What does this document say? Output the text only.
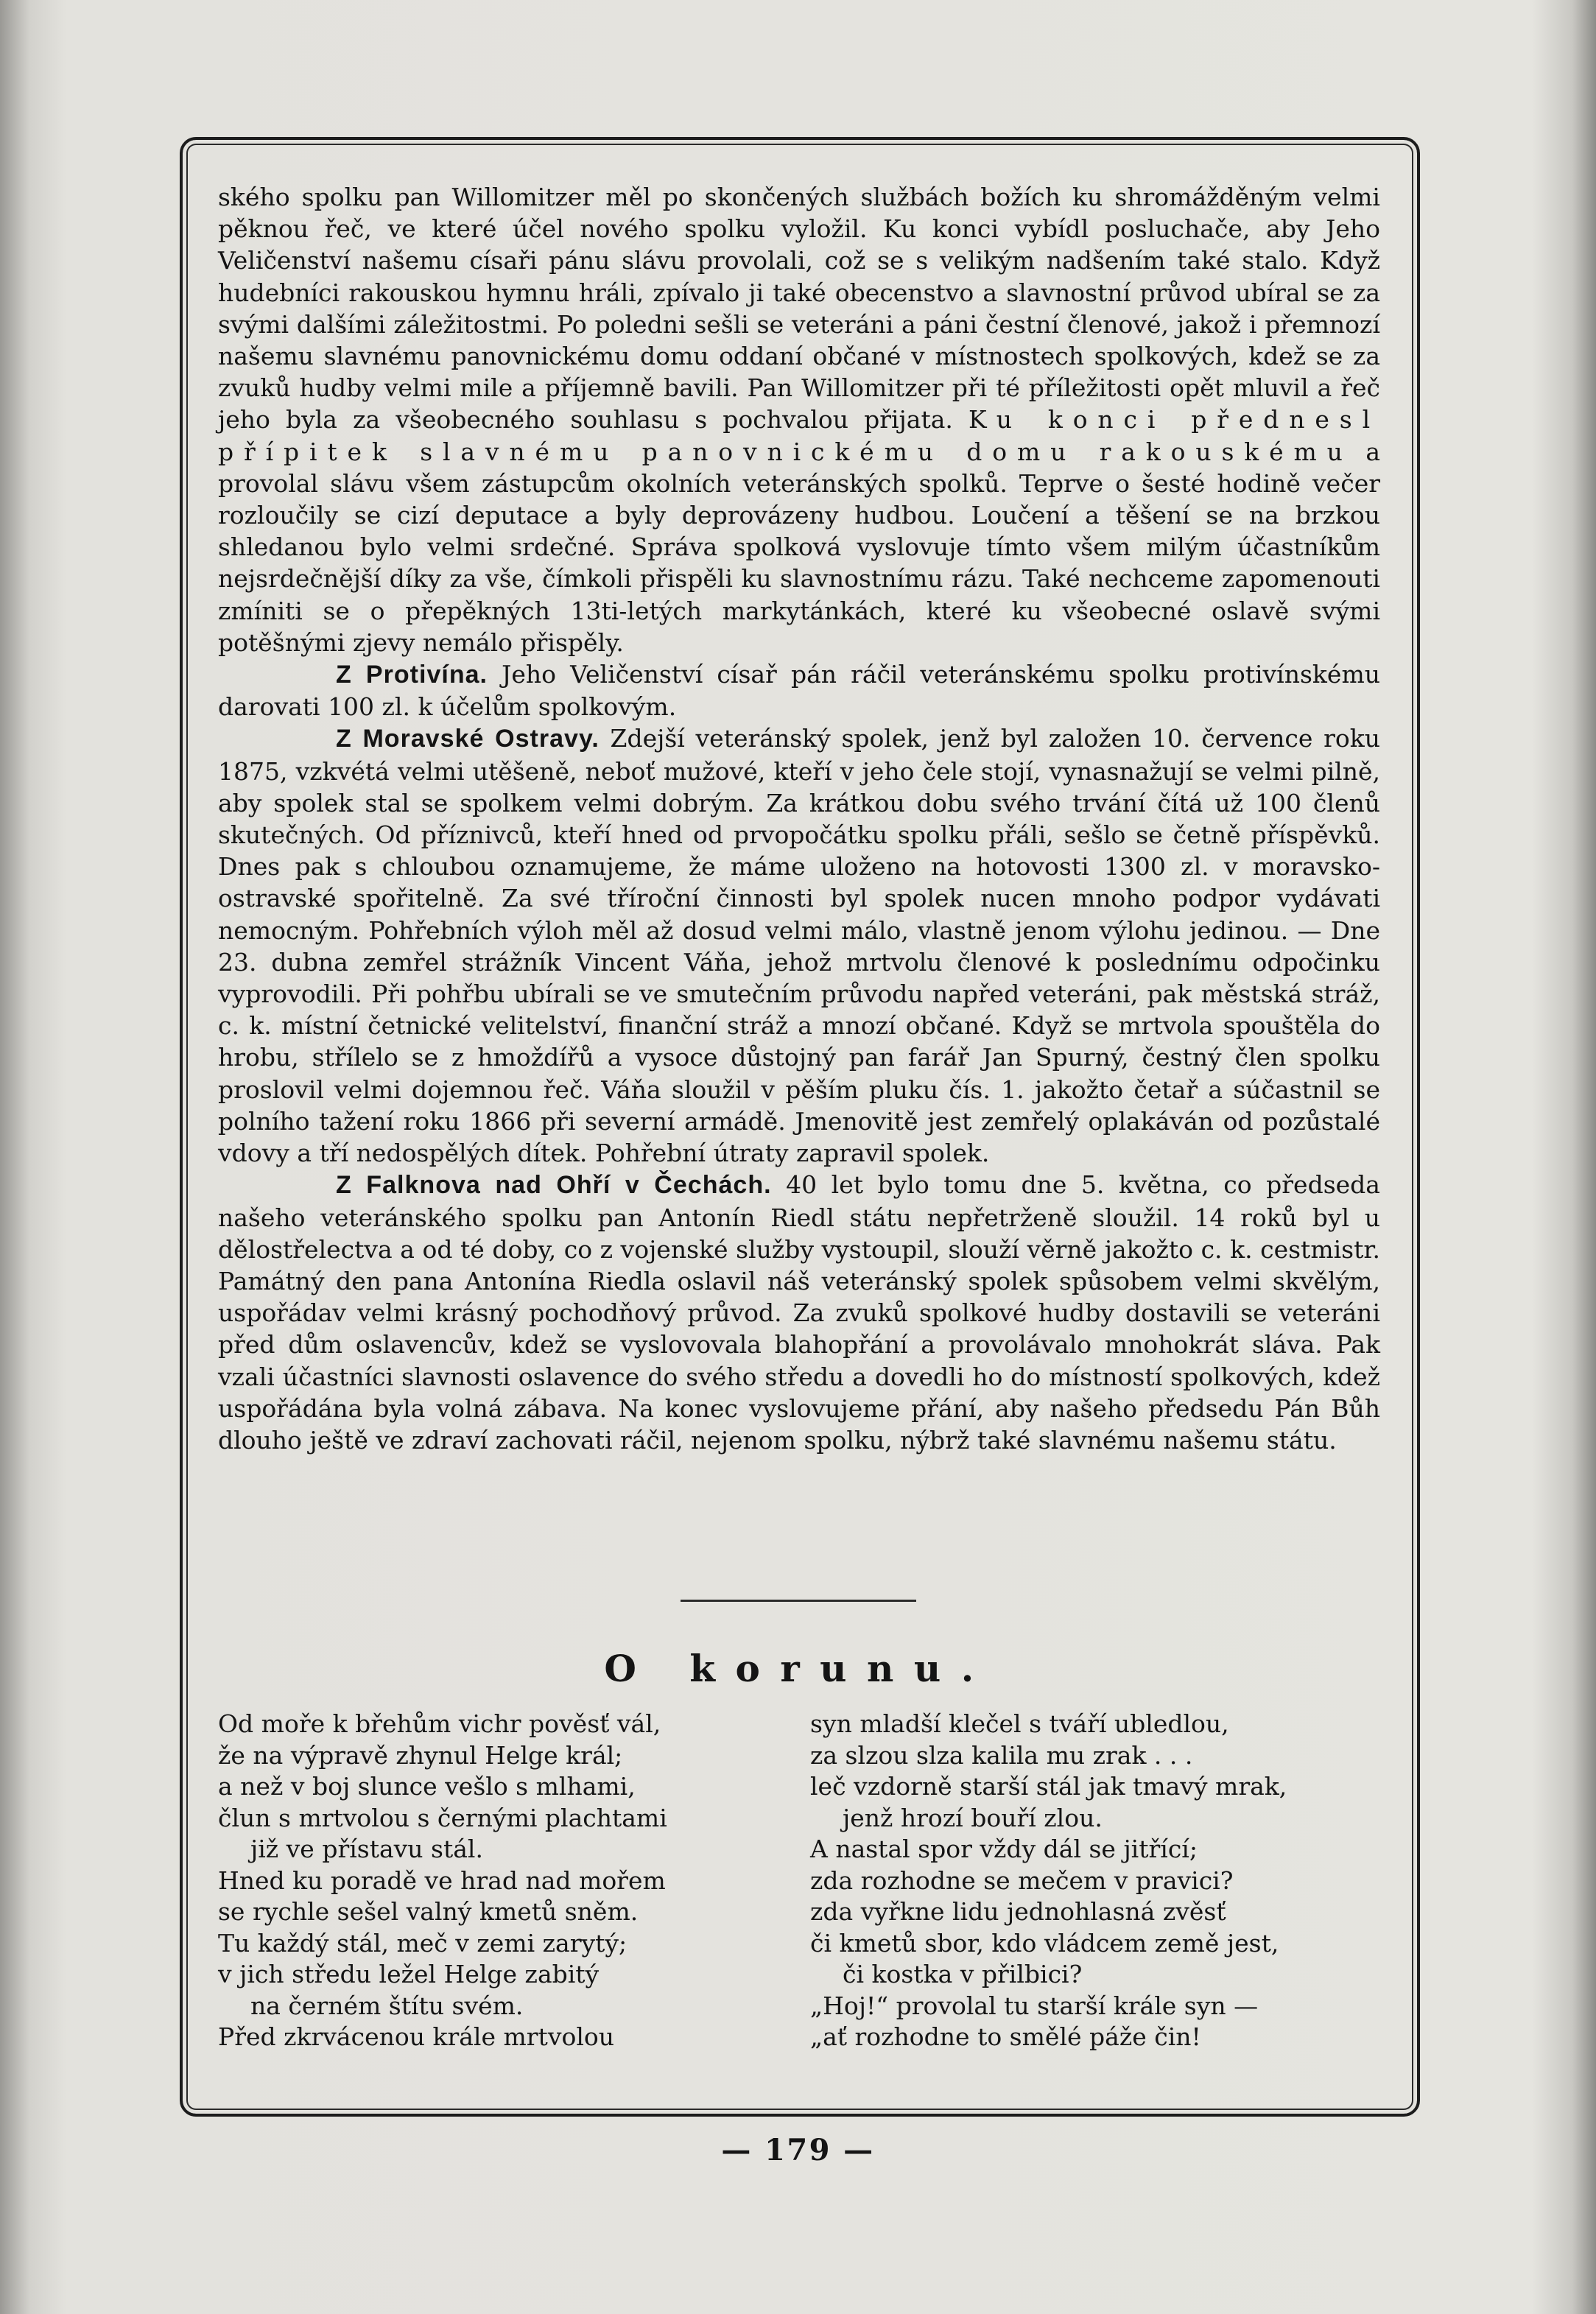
ského spolku pan Willomitzer měl po skončených službách božích ku shromážděným velmi pěknou řeč, ve které účel nového spolku vyložil. Ku konci vybídl posluchače, aby Jeho Veličenství našemu císaři pánu slávu provolali, což se s velikým nadšením také stalo. Když hudebníci rakouskou hymnu hráli, zpívalo ji také obecenstvo a slavnostní průvod ubíral se za svými dalšími záležitostmi. Po poledni sešli se veteráni a páni čestní členové, jakož i přemnozí našemu slavnému panovnickému domu oddaní občané v místnostech spolkových, kdež se za zvuků hudby velmi mile a příjemně bavili. Pan Willomitzer při té příležitosti opět mluvil a řeč jeho byla za všeobecného souhlasu s pochvalou přijata. Ku konci přednesl přípitek slavnému panovnickému domu rakouskému a provolal slávu všem zástupcům okolních veteránských spolků. Teprve o šesté hodině večer rozloučily se cizí deputace a byly deprovázeny hudbou. Loučení a těšení se na brzkou shledanou bylo velmi srdečné. Správa spolková vyslovuje tímto všem milým účastníkům nejsrdečnější díky za vše, čímkoli přispěli ku slavnostnímu rázu. Také nechceme zapomenouti zmíniti se o přepěkných 13ti-letých markytánkách, které ku všeobecné oslavě svými potěšnými zjevy nemálo přispěly.

Z Protivína. Jeho Veličenství císař pán ráčil veteránskému spolku protivínskému darovati 100 zl. k účelům spolkovým.

Z Moravské Ostravy. Zdejší veteránský spolek, jenž byl založen 10. července roku 1875, vzkvétá velmi utěšeně, neboť mužové, kteří v jeho čele stojí, vynasnažují se velmi pilně, aby spolek stal se spolkem velmi dobrým. Za krátkou dobu svého trvání čítá už 100 členů skutečných. Od příznivců, kteří hned od prvopočátku spolku přáli, sešlo se četně příspěvků. Dnes pak s chloubou oznamujeme, že máme uloženo na hotovosti 1300 zl. v moravsko-ostravské spořitelně. Za své tříroční činnosti byl spolek nucen mnoho podpor vydávati nemocným. Pohřebních výloh měl až dosud velmi málo, vlastně jenom výlohu jedinou. — Dne 23. dubna zemřel strážník Vincent Váňa, jehož mrtvolu členové k poslednímu odpočinku vyprovodili. Při pohřbu ubírali se ve smutečním průvodu napřed veteráni, pak městská stráž, c. k. místní četnické velitelství, finanční stráž a mnozí občané. Když se mrtvola spouštěla do hrobu, střílelo se z hmoždířů a vysoce důstojný pan farář Jan Spurný, čestný člen spolku proslovil velmi dojemnou řeč. Váňa sloužil v pěším pluku čís. 1. jakožto četař a súčastnil se polního tažení roku 1866 při severní armádě. Jmenovitě jest zemřelý oplakáván od pozůstalé vdovy a tří nedospělých dítek. Pohřební útraty zapravil spolek.

Z Falknova nad Ohří v Čechách. 40 let bylo tomu dne 5. května, co předseda našeho veteránského spolku pan Antonín Riedl státu nepřetrženě sloužil. 14 roků byl u dělostřelectva a od té doby, co z vojenské služby vystoupil, slouží věrně jakožto c. k. cestmistr. Památný den pana Antonína Riedla oslavil náš veteránský spolek spůsobem velmi skvělým, uspořádav velmi krásný pochodňový průvod. Za zvuků spolkové hudby dostavili se veteráni před dům oslavencův, kdež se vyslovovala blahopřání a provolávalo mnohokrát sláva. Pak vzali účastníci slavnosti oslavence do svého středu a dovedli ho do místností spolkových, kdež uspořádána byla volná zábava. Na konec vyslovujeme přání, aby našeho předsedu Pán Bůh dlouho ještě ve zdraví zachovati ráčil, nejenom spolku, nýbrž také slavnému našemu státu.

O korunu.
Od moře k břehům vichr pověsť vál,
že na výpravě zhynul Helge král;
a než v boj slunce vešlo s mlhami,
člun s mrtvolou s černými plachtami
již ve přístavu stál.
Hned ku poradě ve hrad nad mořem
se rychle sešel valný kmetů sněm.
Tu každý stál, meč v zemi zarytý;
v jich středu ležel Helge zabitý
na černém štítu svém.
Před zkrvácenou krále mrtvolou
syn mladší klečel s tváří ubledlou,
za slzou slza kalila mu zrak . . .
leč vzdorně starší stál jak tmavý mrak,
jenž hrozí bouří zlou.
A nastal spor vždy dál se jitřící;
zda rozhodne se mečem v pravici?
zda vyřkne lidu jednohlasná zvěsť
či kmetů sbor, kdo vládcem země jest,
či kostka v přilbici?
„Hoj!“ provolal tu starší krále syn —
„ať rozhodne to smělé páže čin!
— 179 —
